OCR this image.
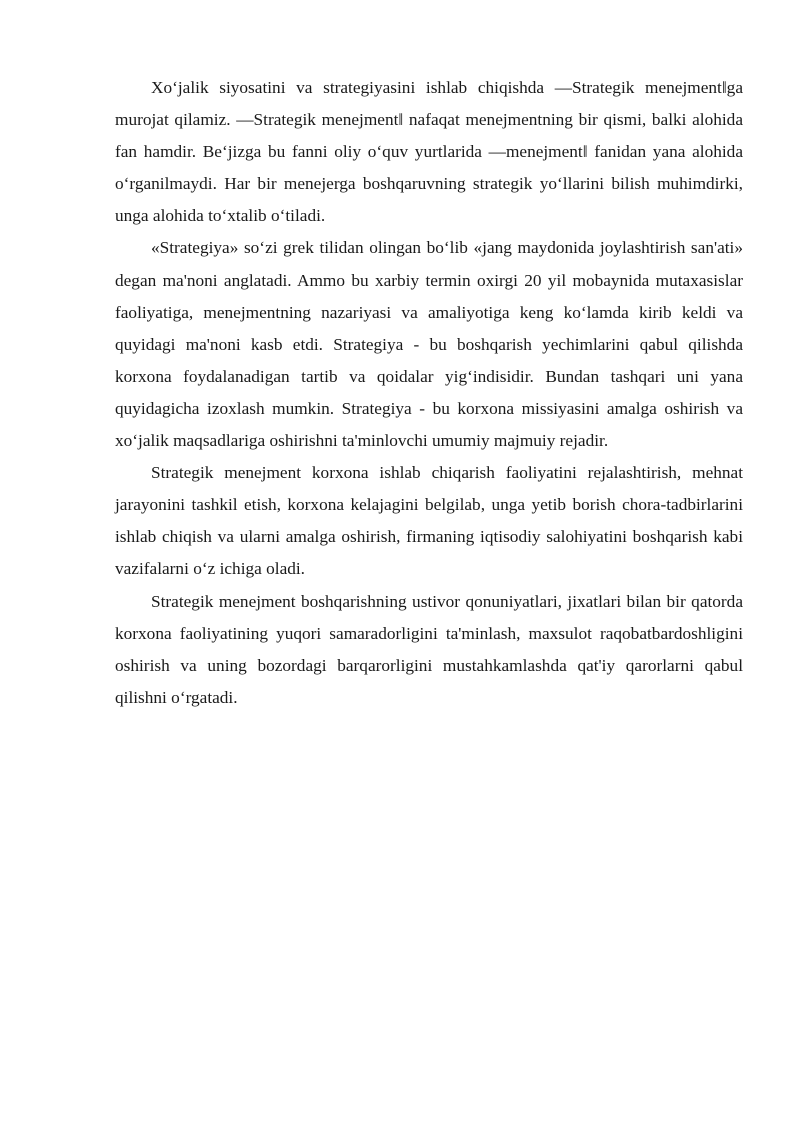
Xo‘jalik siyosatini va strategiyasini ishlab chiqishda ―Strategik menejment‖ga murojat qilamiz. ―Strategik menejment‖ nafaqat menejmentning bir qismi, balki alohida fan hamdir. Be‘jizga bu fanni oliy o‘quv yurtlarida ―menejment‖ fanidan yana alohida o‘rganilmaydi. Har bir menejerga boshqaruvning strategik yo‘llarini bilish muhimdirki, unga alohida to‘xtalib o‘tiladi.

«Strategiya» so‘zi grek tilidan olingan bo‘lib «jang maydonida joylashtirish san'ati» degan ma'noni anglatadi. Ammo bu xarbiy termin oxirgi 20 yil mobaynida mutaxasislar faoliyatiga, menejmentning nazariyasi va amaliyotiga keng ko‘lamda kirib keldi va quyidagi ma'noni kasb etdi. Strategiya - bu boshqarish yechimlarini qabul qilishda korxona foydalanadigan tartib va qoidalar yig‘indisidir. Bundan tashqari uni yana quyidagicha izoxlash mumkin. Strategiya - bu korxona missiyasini amalga oshirish va xo‘jalik maqsadlariga oshirishni ta'minlovchi umumiy majmuiy rejadir.

Strategik menejment korxona ishlab chiqarish faoliyatini rejalashtirish, mehnat jarayonini tashkil etish, korxona kelajagini belgilab, unga yetib borish chora-tadbirlarini ishlab chiqish va ularni amalga oshirish, firmaning iqtisodiy salohiyatini boshqarish kabi vazifalarni o‘z ichiga oladi.

Strategik menejment boshqarishning ustivor qonuniyatlari, jixatlari bilan bir qatorda korxona faoliyatining yuqori samaradorligini ta'minlash, maxsulot raqobatbardoshligini oshirish va uning bozordagi barqarorligini mustahkamlashda qat'iy qarorlarni qabul qilishni o‘rgatadi.
